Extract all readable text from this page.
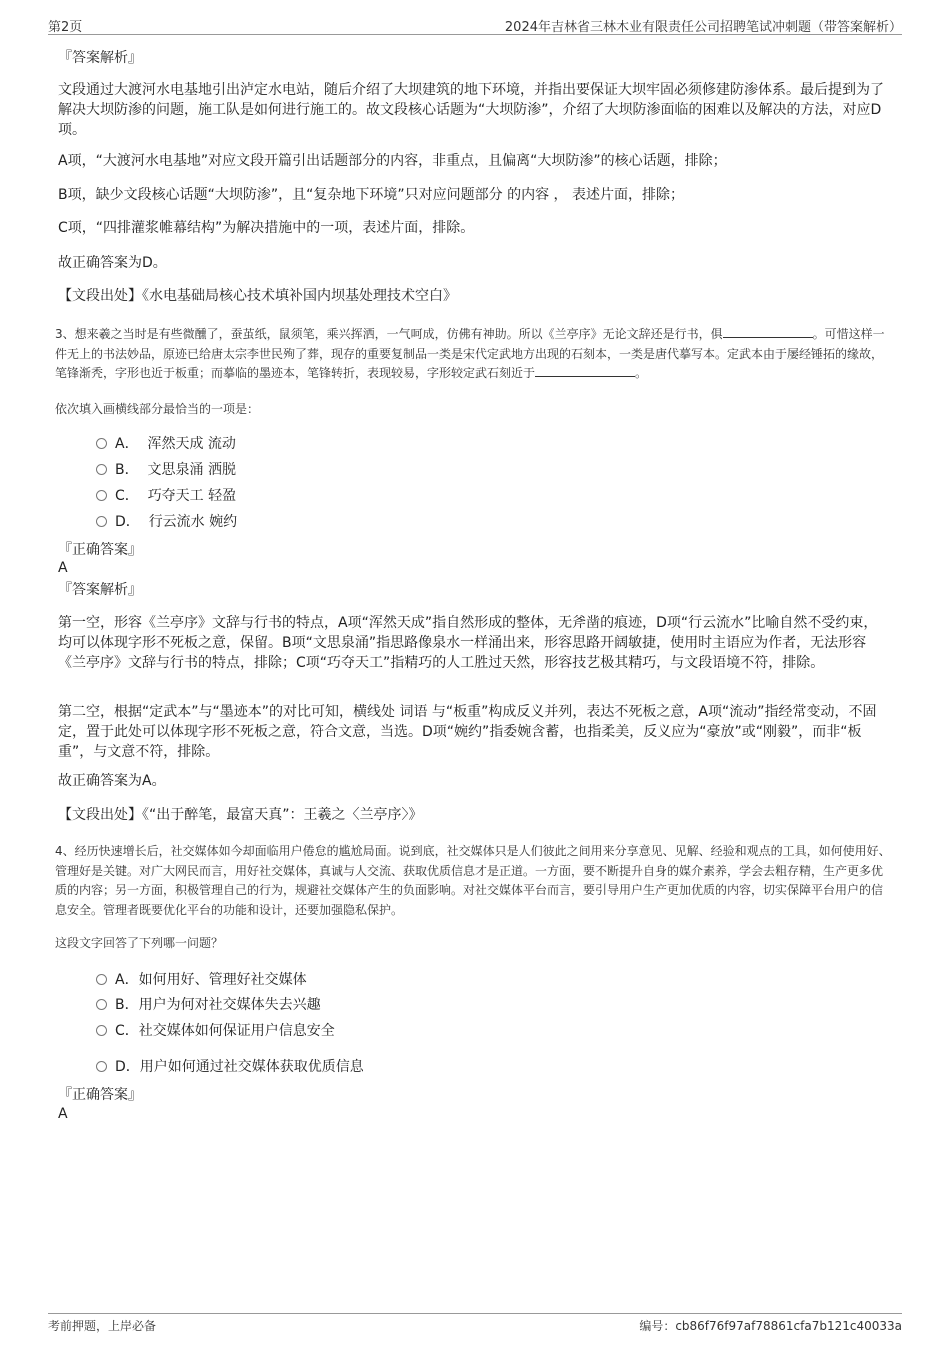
第2页	2024年吉林省三林木业有限责任公司招聘笔试冲刺题（带答案解析）
『答案解析』
文段通过大渡河水电基地引出泸定水电站，随后介绍了大坝建筑的地下环境，并指出要保证大坝牢固必须修建防渗体系。最后提到为了解决大坝防渗的问题，施工队是如何进行施工的。故文段核心话题为“大坝防渗”，介绍了大坝防渗面临的困难以及解决的方法，对应D项。
A项，“大渡河水电基地”对应文段开篇引出话题部分的内容，非重点，且偏离“大坝防渗”的核心话题，排除；
B项，缺少文段核心话题“大坝防渗”，且“复杂地下环境”只对应问题部分 的内容 ， 表述片面，排除；
C项，“四排灌浆帷幕结构”为解决措施中的一项，表述片面，排除。
故正确答案为D。
【文段出处】《水电基础局核心技术填补国内坝基处理技术空白》
3、想来羲之当时是有些微醺了，蚕茧纸，鼠须笔，乘兴挥洒，一气呵成，仿佛有神助。所以《兰亭序》无论文辞还是行书，俱	。可惜这样一件无上的书法妙品，原迹已给唐太宗李世民殉了葬，现存的重要复制品一类是宋代定武地方出现的石刻本，一类是唐代摹写本。定武本由于屡经锤拓的缘故，笔锋渐秃，字形也近于板重；而摹临的墨迹本，笔锋转折，表现较易，字形较定武石刻近于	。
依次填入画横线部分最恰当的一项是：
A． 浑然天成 流动
B． 文思泉涌 洒脱
C． 巧夺天工 轻盈
D． 行云流水 婉约
『正确答案』
A
『答案解析』
第一空，形容《兰亭序》文辞与行书的特点，A项“浑然天成”指自然形成的整体，无斧凿的痕迹，D项“行云流水”比喻自然不受约束，均可以体现字形不死板之意，保留。B项“文思泉涌”指思路像泉水一样涌出来，形容思路开阔敏捷，使用时主语应为作者，无法形容《兰亭序》文辞与行书的特点，排除；C项“巧夺天工”指精巧的人工胜过天然，形容技艺极其精巧，与文段语境不符，排除。
第二空，根据“定武本”与“墨迹本”的对比可知，横线处 词语 与“板重”构成反义并列，表达不死板之意，A项“流动”指经常变动，不固定，置于此处可以体现字形不死板之意，符合文意，当选。D项“婉约”指委婉含蓄，也指柔美，反义应为“豪放”或“刚毅”，而非“板重”，与文意不符，排除。
故正确答案为A。
【文段出处】《“出于醉笔，最富天真”：王羲之〈兰亭序〉》
4、经历快速增长后，社交媒体如今却面临用户倦怠的尴尬局面。说到底，社交媒体只是人们彼此之间用来分享意见、见解、经验和观点的工具，如何使用好、管理好是关键。对广大网民而言，用好社交媒体，真诚与人交流、获取优质信息才是正道。一方面，要不断提升自身的媒介素养，学会去粗存精，生产更多优质的内容；另一方面，积极管理自己的行为，规避社交媒体产生的负面影响。对社交媒体平台而言，要引导用户生产更加优质的内容，切实保障平台用户的信息安全。管理者既要优化平台的功能和设计，还要加强隐私保护。
这段文字回答了下列哪一问题？
A．如何用好、管理好社交媒体
B．用户为何对社交媒体失去兴趣
C．社交媒体如何保证用户信息安全
D．用户如何通过社交媒体获取优质信息
『正确答案』
A
考前押题，上岸必备	编号：cb86f76f97af78861cfa7b121c40033a
